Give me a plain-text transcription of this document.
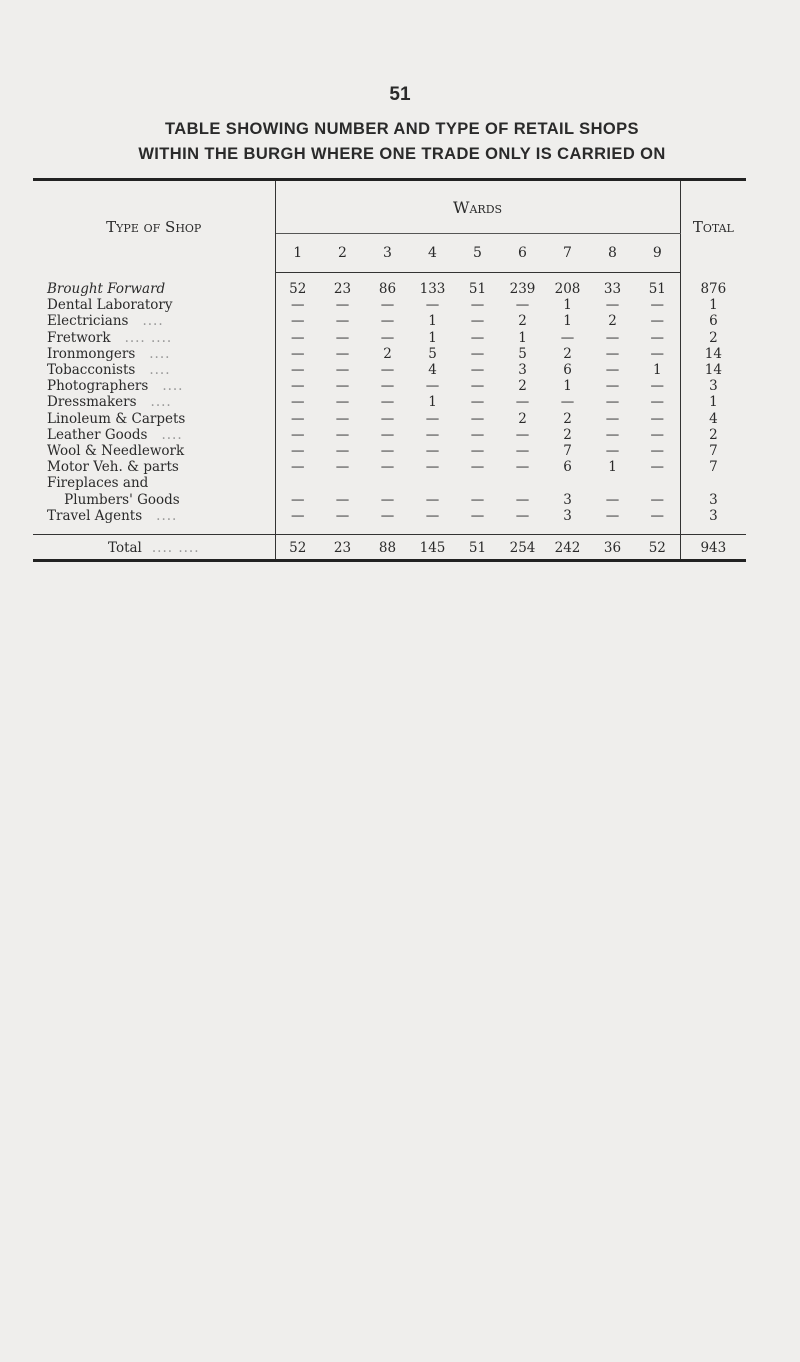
51
TABLE SHOWING NUMBER AND TYPE OF RETAIL SHOPS
WITHIN THE BURGH WHERE ONE TRADE ONLY IS CARRIED ON
Type of Shop	Wards									Total
	1	2	3	4	5	6	7	8	9	
Brought Forward	52	23	86	133	51	239	208	33	51	876
Dental Laboratory	—	—	—	—	—	—	1	—	—	1
Electricians ....	—	—	—	1	—	2	1	2	—	6
Fretwork .... ....	—	—	—	1	—	1	—	—	—	2
Ironmongers ....	—	—	2	5	—	5	2	—	—	14
Tobacconists ....	—	—	—	4	—	3	6	—	1	14
Photographers ....	—	—	—	—	—	2	1	—	—	3
Dressmakers ....	—	—	—	1	—	—	—	—	—	1
Linoleum & Carpets	—	—	—	—	—	2	2	—	—	4
Leather Goods ....	—	—	—	—	—	—	2	—	—	2
Wool & Needlework	—	—	—	—	—	—	7	—	—	7
Motor Veh. & parts	—	—	—	—	—	—	6	1	—	7
Fireplaces and										
Plumbers' Goods	—	—	—	—	—	—	3	—	—	3
Travel Agents ....	—	—	—	—	—	—	3	—	—	3
Total .... ....	52	23	88	145	51	254	242	36	52	943
